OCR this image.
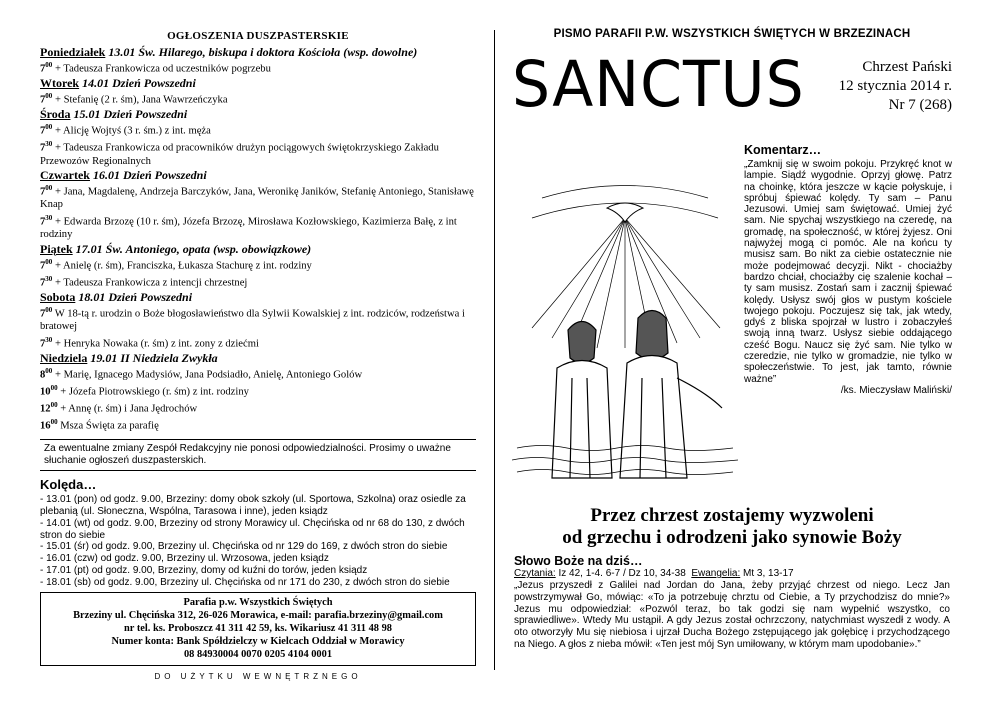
OGŁOSZENIA DUSZPASTERSKIE
Poniedziałek 13.01 Św. Hilarego, biskupa i doktora Kościoła (wsp. dowolne)
$7^{00}$ + Tadeusza Frankowicza od uczestników pogrzebu
Wtorek 14.01 Dzień Powszedni
$7^{00}$ + Stefanię (2 r. śm), Jana Wawrzeńczyka
Środa 15.01 Dzień Powszedni
$7^{00}$ + Alicję Wojtyś (3 r. śm.) z int. męża
$7^{30}$ + Tadeusza Frankowicza od pracowników drużyn pociągowych świętokrzyskiego Zakładu Przewozów Regionalnych
Czwartek 16.01 Dzień Powszedni
$7^{00}$ + Jana, Magdalenę, Andrzeja Barczyków, Jana, Weronikę Janików, Stefanię Antoniego, Stanisławę Knap
$7^{30}$ + Edwarda Brzozę (10 r. śm), Józefa Brzozę, Mirosława Kozłowskiego, Kazimierza Bałę, z int rodziny
Piątek 17.01 Św. Antoniego, opata (wsp. obowiązkowe)
$7^{00}$ + Anielę (r. śm), Franciszka, Łukasza Stachurę z int. rodziny
$7^{30}$ + Tadeusza Frankowicza z intencji chrzestnej
Sobota 18.01 Dzień Powszedni
$7^{00}$ W 18-tą r. urodzin o Boże błogosławieństwo dla Sylwii Kowalskiej z int. rodziców, rodzeństwa i bratowej
$7^{30}$ + Henryka Nowaka (r. śm) z int. zony z dziećmi
Niedziela 19.01 II Niedziela Zwykła
$8^{00}$ + Marię, Ignacego Madysiów, Jana Podsiadło, Anielę, Antoniego Golów
$10^{00}$ + Józefa Piotrowskiego (r. śm) z int. rodziny
$12^{00}$ + Annę (r. śm) i Jana Jędrochów
$16^{00}$ Msza Święta za parafię
Za ewentualne zmiany Zespół Redakcyjny nie ponosi odpowiedzialności. Prosimy o uważne słuchanie ogłoszeń duszpasterskich.
Kolęda…
- 13.01 (pon) od godz. 9.00, Brzeziny: domy obok szkoły (ul. Sportowa, Szkolna) oraz osiedle za plebanią (ul. Słoneczna, Wspólna, Tarasowa i inne), jeden ksiądz
- 14.01 (wt) od godz. 9.00, Brzeziny od strony Morawicy ul. Chęcińska od nr 68 do 130, z dwóch stron do siebie
- 15.01 (śr) od godz. 9.00, Brzeziny ul. Chęcińska od nr 129 do 169, z dwóch stron do siebie
- 16.01 (czw) od godz. 9.00, Brzeziny ul. Wrzosowa, jeden ksiądz
- 17.01 (pt) od godz. 9.00, Brzeziny, domy od kuźni do torów, jeden ksiądz
- 18.01 (sb) od godz. 9.00, Brzeziny ul. Chęcińska od nr 171 do 230, z dwóch stron do siebie
Parafia p.w. Wszystkich Świętych
Brzeziny ul. Chęcińska 312, 26-026 Morawica, e-mail: parafia.brzeziny@gmail.com
nr tel. ks. Proboszcz 41 311 42 59, ks. Wikariusz 41 311 48 98
Numer konta: Bank Spółdzielczy w Kielcach Oddział w Morawicy
08 84930004 0070 0205 4104 0001
DO UŻYTKU WEWNĘTRZNEGO
PISMO PARAFII P.W. WSZYSTKICH ŚWIĘTYCH W BRZEZINACH
SANCTUS	Chrzest Pański
12 stycznia 2014 r.
Nr 7 (268)
Komentarz…
„Zamknij się w swoim pokoju. Przykręć knot w lampie. Siądź wygodnie. Oprzyj głowę. Patrz na choinkę, która jeszcze w kącie połyskuje, i spróbuj śpiewać kolędy. Ty sam – Panu Jezusowi. Umiej sam świętować. Umiej żyć sam. Nie spychaj wszystkiego na czeredę, na gromadę, na społeczność, w której żyjesz. Oni najwyżej mogą ci pomóc. Ale na końcu ty musisz sam. Bo nikt za ciebie ostatecznie nie może podejmować decyzji. Nikt - chociażby bardzo chciał, chociażby cię szalenie kochał – ty sam musisz. Zostań sam i zacznij śpiewać kolędy. Usłysz swój głos w pustym kościele twojego pokoju. Poczujesz się tak, jak wtedy, gdyś z bliska spojrzał w lustro i zobaczyłeś swoją inną twarz. Usłysz siebie oddającego cześć Bogu. Naucz się żyć sam. Nie tylko w czeredzie, nie tylko w gromadzie, nie tylko w społeczeństwie. To jest, jak tamto, równie ważne”
/ks. Mieczysław Maliński/
Przez chrzest zostajemy wyzwoleni
od grzechu i odrodzeni jako synowie Boży
Słowo Boże na dziś…
Czytania: Iz 42, 1-4. 6-7 / Dz 10, 34-38 Ewangelia: Mt 3, 13-17
„Jezus przyszedł z Galilei nad Jordan do Jana, żeby przyjąć chrzest od niego. Lecz Jan powstrzymywał Go, mówiąc: «To ja potrzebuję chrztu od Ciebie, a Ty przychodzisz do mnie?» Jezus mu odpowiedział: «Pozwól teraz, bo tak godzi się nam wypełnić wszystko, co sprawiedliwe». Wtedy Mu ustąpił. A gdy Jezus został ochrzczony, natychmiast wyszedł z wody. A oto otworzyły Mu się niebiosa i ujrzał Ducha Bożego zstępującego jak gołębicę i przychodzącego na Niego. A głos z nieba mówił: «Ten jest mój Syn umiłowany, w którym mam upodobanie».”
